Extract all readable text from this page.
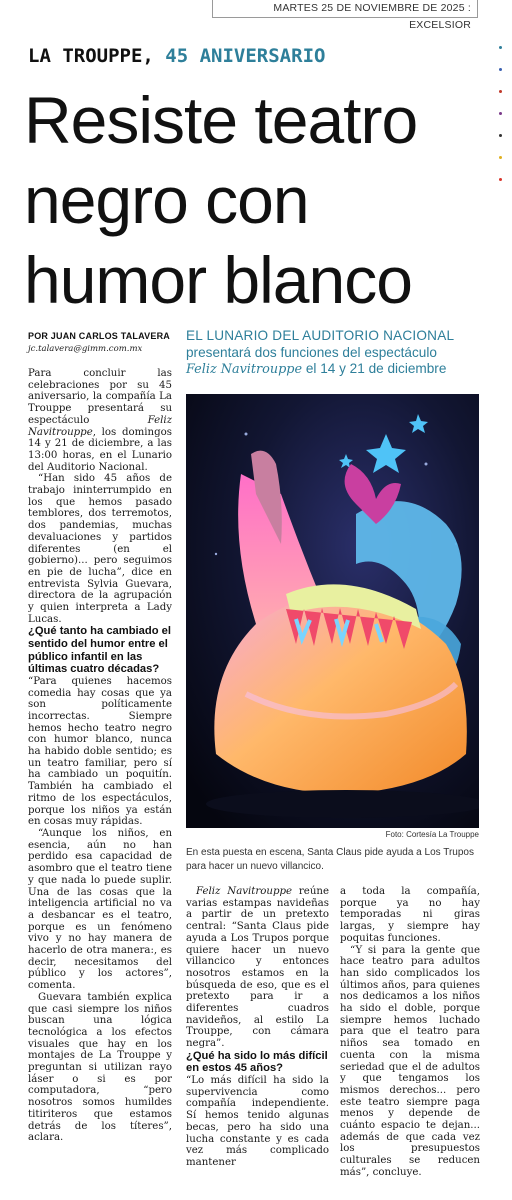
MARTES 25 DE NOVIEMBRE DE 2025 : EXCELSIOR
LA TROUPPE, 45 ANIVERSARIO
Resiste teatro
negro con
humor blanco
POR JUAN CARLOS TALAVERA
jc.talavera@gimm.com.mx
EL LUNARIO DEL AUDITORIO NACIONAL
presentará dos funciones del espectáculo
Feliz Navitrouppe el 14 y 21 de diciembre
Foto: Cortesía La Trouppe
En esta puesta en escena, Santa Claus pide ayuda a Los Trupos para hacer un nuevo villancico.

Para concluir las celebraciones por su 45 aniversario, la compañía La Trouppe presentará su espectáculo Feliz Navitrouppe, los domingos 14 y 21 de diciembre, a las 13:00 horas, en el Lunario del Auditorio Nacional.

“Han sido 45 años de trabajo ininterrumpido en los que hemos pasado temblores, dos terremotos, dos pandemias, muchas devaluaciones y partidos diferentes (en el gobierno)... pero seguimos en pie de lucha”, dice en entrevista Sylvia Guevara, directora de la agrupación y quien interpreta a Lady Lucas.

¿Qué tanto ha cambiado el sentido del humor entre el público infantil en las últimas cuatro décadas?

“Para quienes hacemos comedia hay cosas que ya son políticamente incorrectas. Siempre hemos hecho teatro negro con humor blanco, nunca ha habido doble sentido; es un teatro familiar, pero sí ha cambiado un poquitín. También ha cambiado el ritmo de los espectáculos, porque los niños ya están en cosas muy rápidas.

“Aunque los niños, en esencia, aún no han perdido esa capacidad de asombro que el teatro tiene y que nada lo puede suplir. Una de las cosas que la inteligencia artificial no va a desbancar es el teatro, porque es un fenómeno vivo y no hay manera de hacerlo de otra manera:, es decir, necesitamos del público y los actores”, comenta.

Guevara también explica que casi siempre los niños buscan una lógica tecnológica a los efectos visuales que hay en los montajes de La Trouppe y preguntan si utilizan rayo láser o si es por computadora, “pero nosotros somos humildes titiriteros que estamos detrás de los títeres”, aclara.

Feliz Navitrouppe reúne varias estampas navideñas a partir de un pretexto central: “Santa Claus pide ayuda a Los Trupos porque quiere hacer un nuevo villancico y entonces nosotros estamos en la búsqueda de eso, que es el pretexto para ir a diferentes cuadros navideños, al estilo La Trouppe, con cámara negra”.

¿Qué ha sido lo más difícil en estos 45 años?

“Lo más difícil ha sido la supervivencia como compañía independiente. Sí hemos tenido algunas becas, pero ha sido una lucha constante y es cada vez más complicado mantener

a toda la compañía, porque ya no hay temporadas ni giras largas, y siempre hay poquitas funciones.

“Y si para la gente que hace teatro para adultos han sido complicados los últimos años, para quienes nos dedicamos a los niños ha sido el doble, porque siempre hemos luchado para que el teatro para niños sea tomado en cuenta con la misma seriedad que el de adultos y que tengamos los mismos derechos... pero este teatro siempre paga menos y depende de cuánto espacio te dejan... además de que cada vez los presupuestos culturales se reducen más”, concluye.
